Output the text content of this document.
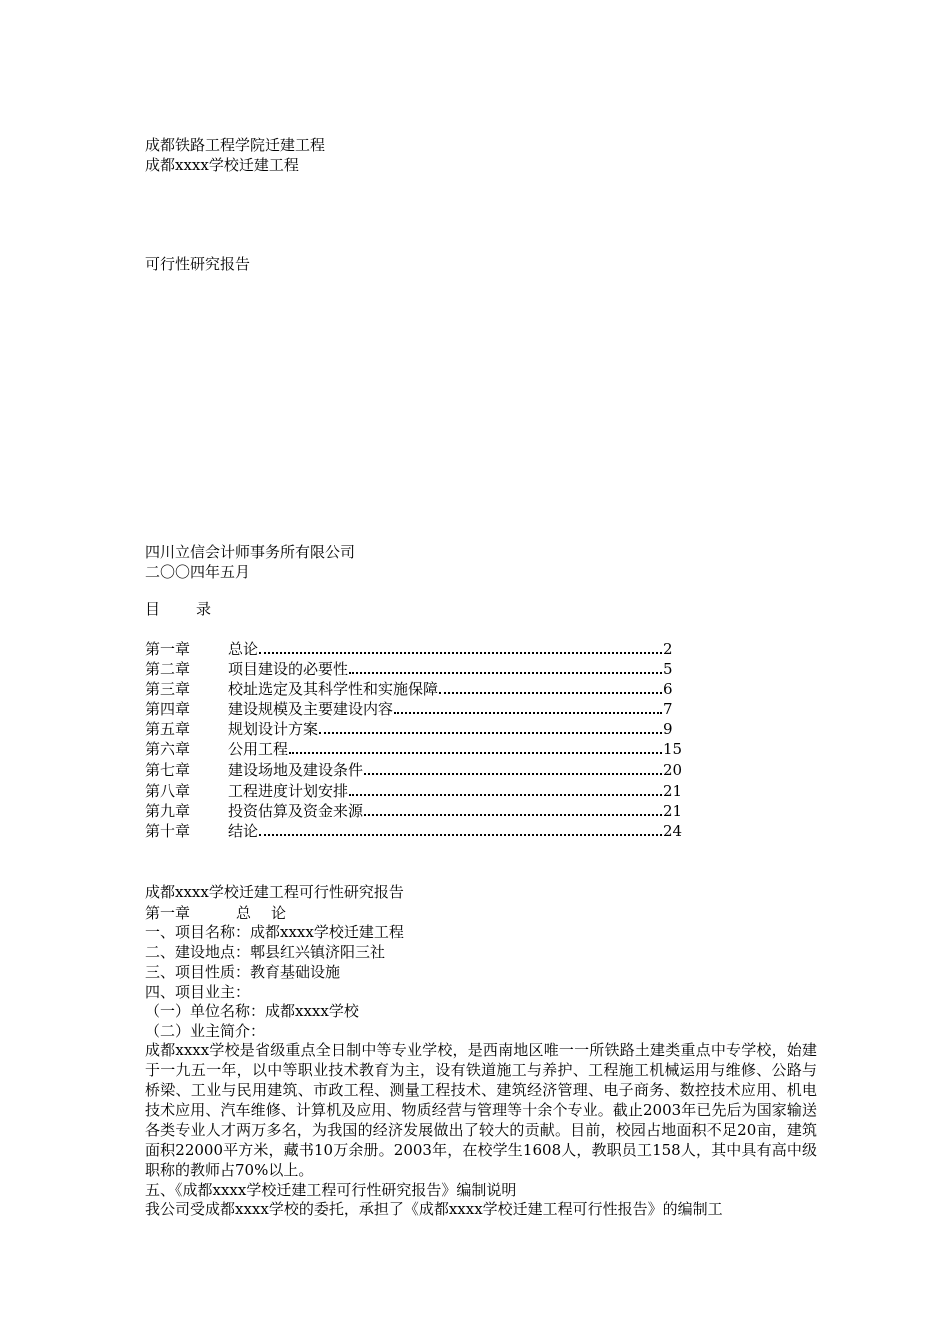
成都铁路工程学院迁建工程
成都xxxx学校迁建工程
可行性研究报告
四川立信会计师事务所有限公司
二〇〇四年五月
目 录
第一章	总论	2
第二章	项目建设的必要性	5
第三章	校址选定及其科学性和实施保障	6
第四章	建设规模及主要建设内容	7
第五章	规划设计方案	9
第六章	公用工程	15
第七章	建设场地及建设条件	20
第八章	工程进度计划安排	21
第九章	投资估算及资金来源	21
第十章	结论	24
成都xxxx学校迁建工程可行性研究报告
第一章	总 论
一、项目名称：成都xxxx学校迁建工程
二、建设地点：郫县红兴镇济阳三社
三、项目性质：教育基础设施
四、项目业主：
（一）单位名称：成都xxxx学校
（二）业主简介：
成都xxxx学校是省级重点全日制中等专业学校，是西南地区唯一一所铁路土建类重点中专学校，始建于一九五一年，以中等职业技术教育为主，设有铁道施工与养护、工程施工机械运用与维修、公路与桥梁、工业与民用建筑、市政工程、测量工程技术、建筑经济管理、电子商务、数控技术应用、机电技术应用、汽车维修、计算机及应用、物质经营与管理等十余个专业。截止2003年已先后为国家输送各类专业人才两万多名，为我国的经济发展做出了较大的贡献。目前，校园占地面积不足20亩，建筑面积22000平方米，藏书10万余册。2003年，在校学生1608人，教职员工158人，其中具有高中级职称的教师占70%以上。
五、《成都xxxx学校迁建工程可行性研究报告》编制说明
我公司受成都xxxx学校的委托，承担了《成都xxxx学校迁建工程可行性报告》的编制工
